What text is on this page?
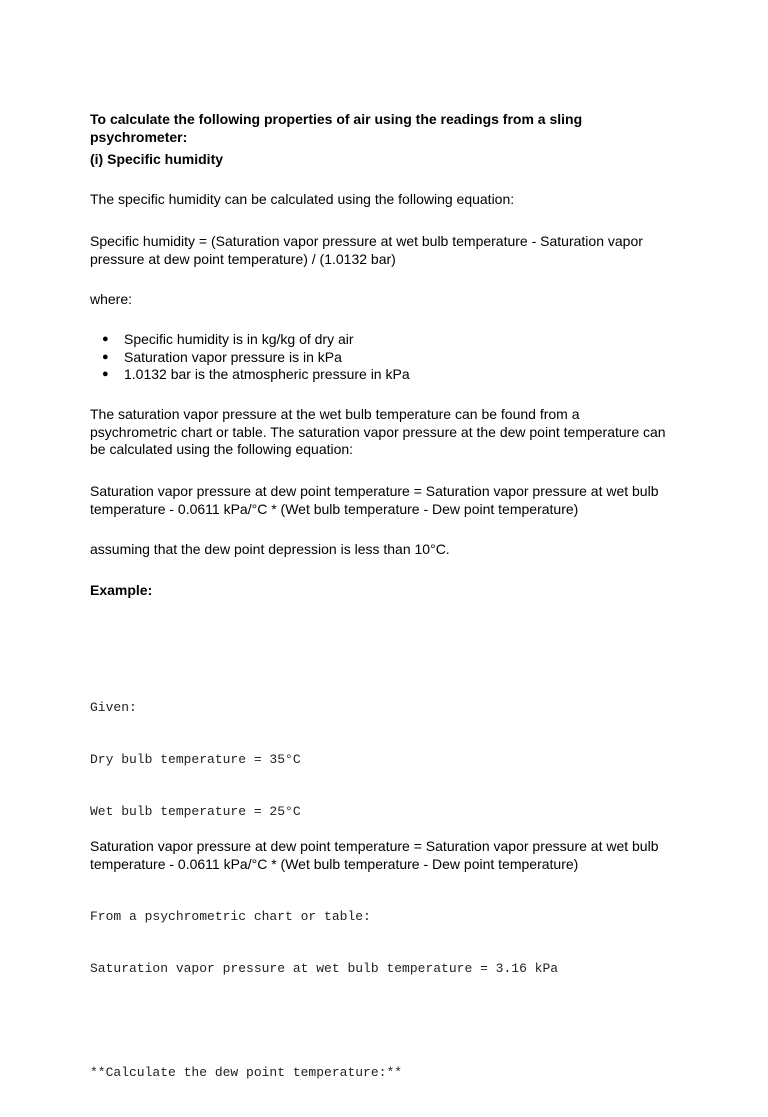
To calculate the following properties of air using the readings from a sling psychrometer:

(i) Specific humidity

The specific humidity can be calculated using the following equation:

Specific humidity = (Saturation vapor pressure at wet bulb temperature - Saturation vapor pressure at dew point temperature) / (1.0132 bar)

where:

● Specific humidity is in kg/kg of dry air
● Saturation vapor pressure is in kPa
● 1.0132 bar is the atmospheric pressure in kPa

The saturation vapor pressure at the wet bulb temperature can be found from a psychrometric chart or table. The saturation vapor pressure at the dew point temperature can be calculated using the following equation:

Saturation vapor pressure at dew point temperature = Saturation vapor pressure at wet bulb temperature - 0.0611 kPa/°C * (Wet bulb temperature - Dew point temperature)

assuming that the dew point depression is less than 10°C.

Example:

Given:

Dry bulb temperature = 35°C

Wet bulb temperature = 25°C

From a psychrometric chart or table:

Saturation vapor pressure at wet bulb temperature = 3.16 kPa

**Calculate the dew point temperature:**

Saturation vapor pressure at dew point temperature = Saturation vapor pressure at wet bulb temperature - 0.0611 kPa/°C * (Wet bulb temperature - Dew point temperature)
